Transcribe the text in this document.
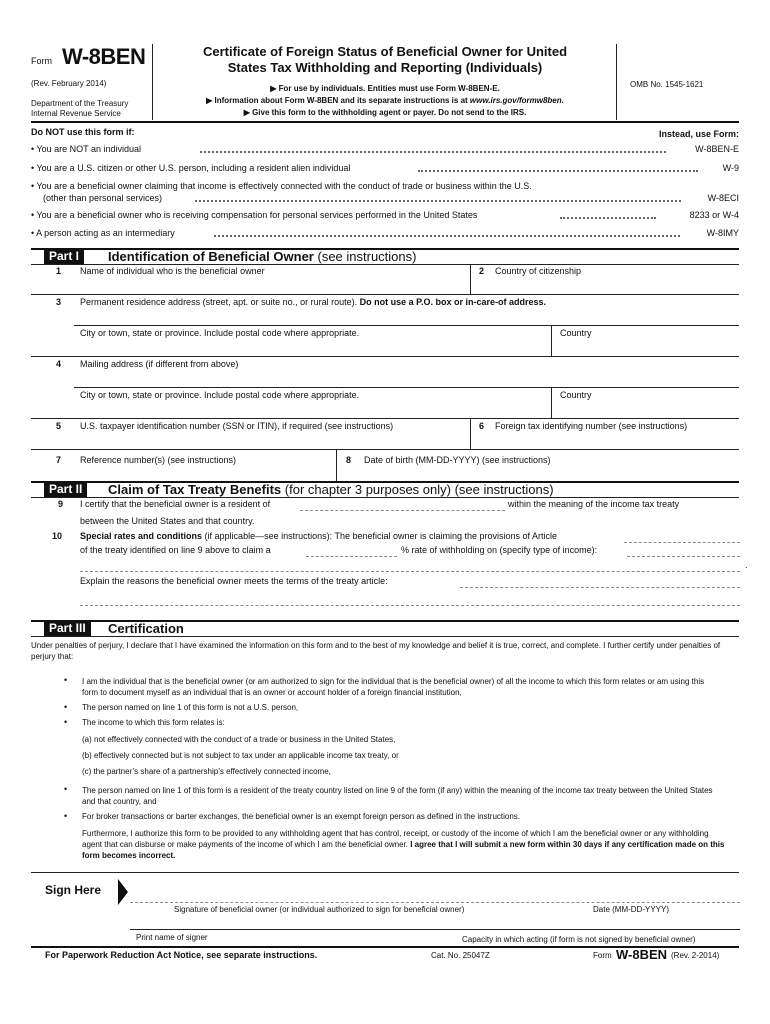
Form W-8BEN
(Rev. February 2014)
Department of the Treasury
Internal Revenue Service
Certificate of Foreign Status of Beneficial Owner for United
States Tax Withholding and Reporting (Individuals)
▶ For use by individuals. Entities must use Form W-8BEN-E.
▶ Information about Form W-8BEN and its separate instructions is at www.irs.gov/formw8ben.
▶ Give this form to the withholding agent or payer. Do not send to the IRS.
OMB No. 1545-1621
Do NOT use this form if:	Instead, use Form:
• You are NOT an individual	W-8BEN-E
• You are a U.S. citizen or other U.S. person, including a resident alien individual	W-9
• You are a beneficial owner claiming that income is effectively connected with the conduct of trade or business within the U.S.
(other than personal services)	W-8ECI
• You are a beneficial owner who is receiving compensation for personal services performed in the United States	8233 or W-4
• A person acting as an intermediary	W-8IMY
Part I	Identification of Beneficial Owner (see instructions)
1 Name of individual who is the beneficial owner	2 Country of citizenship
3 Permanent residence address (street, apt. or suite no., or rural route). Do not use a P.O. box or in-care-of address.
City or town, state or province. Include postal code where appropriate.	Country
4 Mailing address (if different from above)
City or town, state or province. Include postal code where appropriate.	Country
5 U.S. taxpayer identification number (SSN or ITIN), if required (see instructions)	6 Foreign tax identifying number (see instructions)
7 Reference number(s) (see instructions)	8 Date of birth (MM-DD-YYYY) (see instructions)
Part II	Claim of Tax Treaty Benefits (for chapter 3 purposes only) (see instructions)
9 I certify that the beneficial owner is a resident of	within the meaning of the income tax treaty
between the United States and that country.
10 Special rates and conditions (if applicable—see instructions): The beneficial owner is claiming the provisions of Article
of the treaty identified on line 9 above to claim a	% rate of withholding on (specify type of income):
.
Explain the reasons the beneficial owner meets the terms of the treaty article:
Part III	Certification
Under penalties of perjury, I declare that I have examined the information on this form and to the best of my knowledge and belief it is true, correct, and complete. I further certify under penalties of perjury that:
• I am the individual that is the beneficial owner (or am authorized to sign for the individual that is the beneficial owner) of all the income to which this form relates or am using this form to document myself as an individual that is an owner or account holder of a foreign financial institution,
• The person named on line 1 of this form is not a U.S. person,
• The income to which this form relates is:
(a) not effectively connected with the conduct of a trade or business in the United States,
(b) effectively connected but is not subject to tax under an applicable income tax treaty, or
(c) the partner’s share of a partnership’s effectively connected income,
• The person named on line 1 of this form is a resident of the treaty country listed on line 9 of the form (if any) within the meaning of the income tax treaty between the United States and that country, and
• For broker transactions or barter exchanges, the beneficial owner is an exempt foreign person as defined in the instructions.
Furthermore, I authorize this form to be provided to any withholding agent that has control, receipt, or custody of the income of which I am the beneficial owner or any withholding agent that can disburse or make payments of the income of which I am the beneficial owner. I agree that I will submit a new form within 30 days if any certification made on this form becomes incorrect.
Sign Here
Signature of beneficial owner (or individual authorized to sign for beneficial owner)	Date (MM-DD-YYYY)
Print name of signer	Capacity in which acting (if form is not signed by beneficial owner)
For Paperwork Reduction Act Notice, see separate instructions.	Cat. No. 25047Z	Form W-8BEN (Rev. 2-2014)
